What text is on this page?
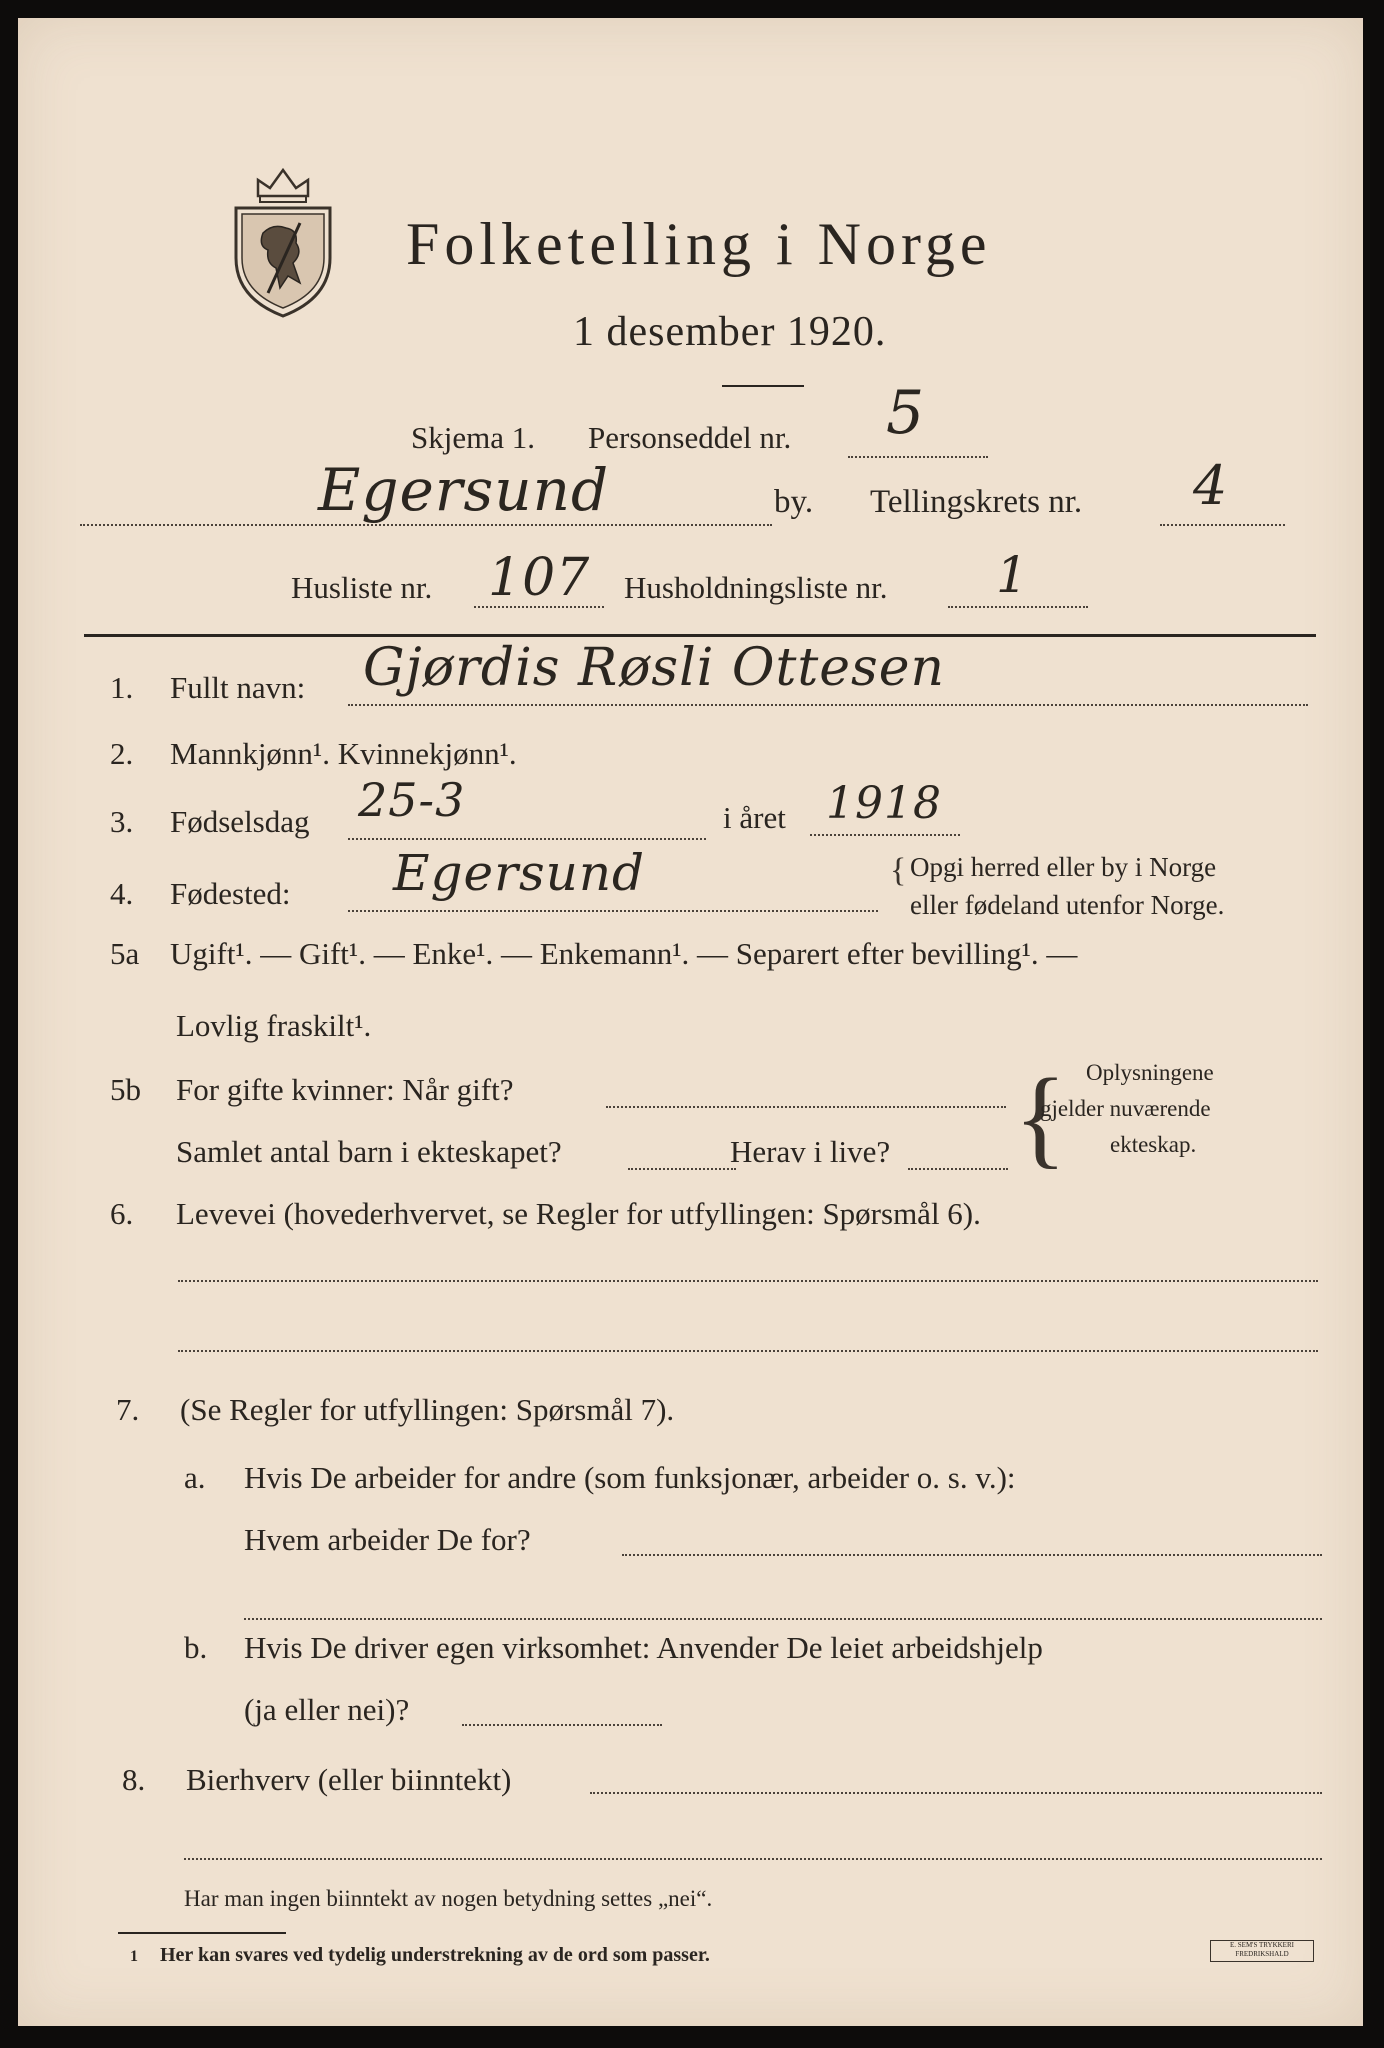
Folketelling i Norge
1 desember 1920.
Skjema 1. Personseddel nr. 5
Egersund	by. Tellingskrets nr. 4
Husliste nr. 107 Husholdningsliste nr. 1
1. Fullt navn: Gjørdis Røsli Ottesen
2. Mannkjønn¹. Kvinnekjønn¹.
3. Fødselsdag 25-3	i året 1918
4. Fødested: Egersund	{ Opgi herred eller by i Norge
eller fødeland utenfor Norge.
5a Ugift¹. — Gift¹. — Enke¹. — Enkemann¹. — Separert efter bevilling¹. —
Lovlig fraskilt¹.
5b For gifte kvinner: Når gift?
Samlet antal barn i ekteskapet?	Herav i live? { Oplysningene
gjelder nuværende
ekteskap.
6. Levevei (hovederhvervet, se Regler for utfyllingen: Spørsmål 6).
7. (Se Regler for utfyllingen: Spørsmål 7).
a. Hvis De arbeider for andre (som funksjonær, arbeider o. s. v.):
Hvem arbeider De for?
b. Hvis De driver egen virksomhet: Anvender De leiet arbeidshjelp
(ja eller nei)?
8. Bierhverv (eller biinntekt)
Har man ingen biinntekt av nogen betydning settes „nei“.
1 Her kan svares ved tydelig understrekning av de ord som passer.	E. SEM'S TRYKKERI FREDRIKSHALD
